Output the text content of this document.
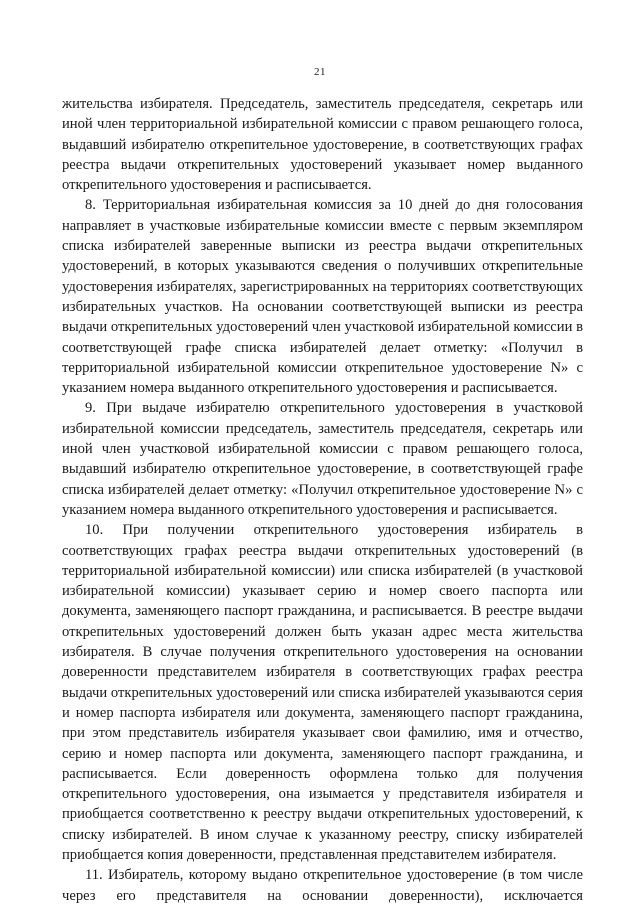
21

жительства избирателя. Председатель, заместитель председателя, секретарь или иной член территориальной избирательной комиссии с правом решающего голоса, выдавший избирателю открепительное удостоверение, в соответствующих графах реестра выдачи открепительных удостоверений указывает номер выданного открепительного удостоверения и расписывается.

8. Территориальная избирательная комиссия за 10 дней до дня голосования направляет в участковые избирательные комиссии вместе с первым экземпляром списка избирателей заверенные выписки из реестра выдачи открепительных удостоверений, в которых указываются сведения о получивших открепительные удостоверения избирателях, зарегистрированных на территориях соответствующих избирательных участков. На основании соответствующей выписки из реестра выдачи открепительных удостоверений член участковой избирательной комиссии в соответствующей графе списка избирателей делает отметку: «Получил в территориальной избирательной комиссии открепительное удостоверение N» с указанием номера выданного открепительного удостоверения и расписывается.

9. При выдаче избирателю открепительного удостоверения в участковой избирательной комиссии председатель, заместитель председателя, секретарь или иной член участковой избирательной комиссии с правом решающего голоса, выдавший избирателю открепительное удостоверение, в соответствующей графе списка избирателей делает отметку: «Получил открепительное удостоверение N» с указанием номера выданного открепительного удостоверения и расписывается.

10. При получении открепительного удостоверения избиратель в соответствующих графах реестра выдачи открепительных удостоверений (в территориальной избирательной комиссии) или списка избирателей (в участковой избирательной комиссии) указывает серию и номер своего паспорта или документа, заменяющего паспорт гражданина, и расписывается. В реестре выдачи открепительных удостоверений должен быть указан адрес места жительства избирателя. В случае получения открепительного удостоверения на основании доверенности представителем избирателя в соответствующих графах реестра выдачи открепительных удостоверений или списка избирателей указываются серия и номер паспорта избирателя или документа, заменяющего паспорт гражданина, при этом представитель избирателя указывает свои фамилию, имя и отчество, серию и номер паспорта или документа, заменяющего паспорт гражданина, и расписывается. Если доверенность оформлена только для получения открепительного удостоверения, она изымается у представителя избирателя и приобщается соответственно к реестру выдачи открепительных удостоверений, к списку избирателей. В ином случае к указанному реестру, списку избирателей приобщается копия доверенности, представленная представителем избирателя.

11. Избиратель, которому выдано открепительное удостоверение (в том числе через его представителя на основании доверенности), исключается
